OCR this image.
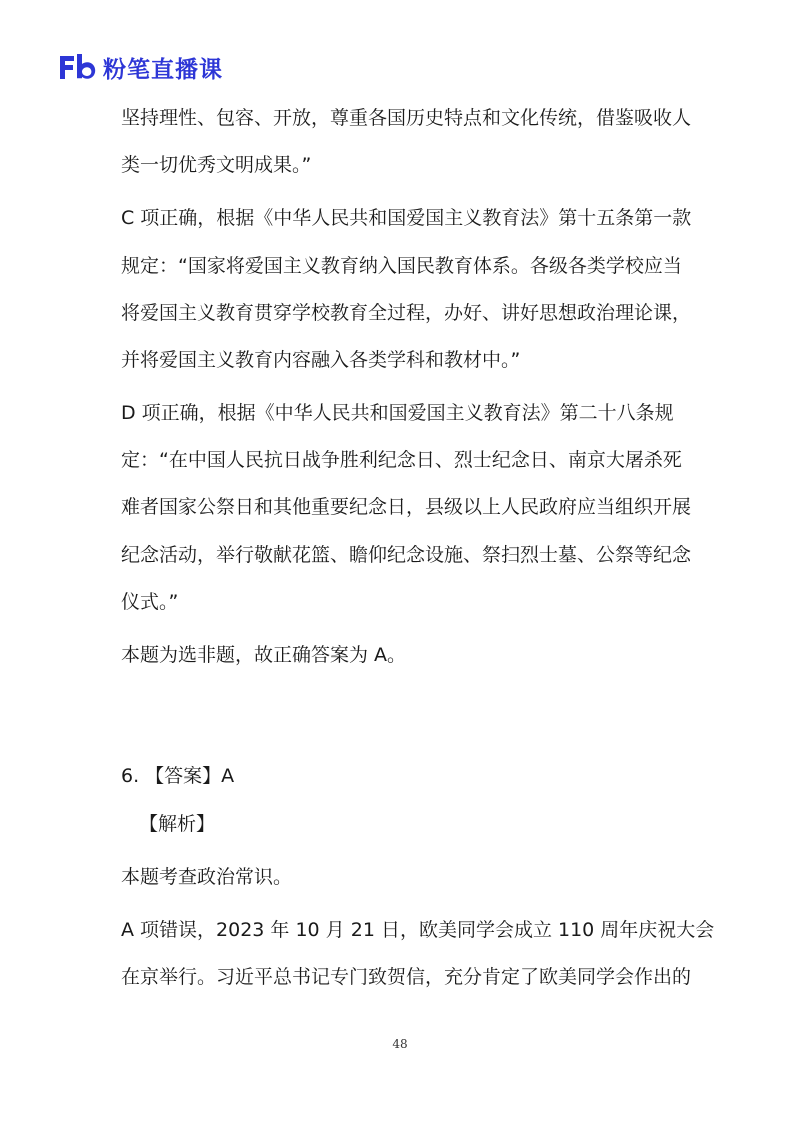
粉笔直播课
坚持理性、包容、开放，尊重各国历史特点和文化传统，借鉴吸收人
类一切优秀文明成果。”
C 项正确，根据《中华人民共和国爱国主义教育法》第十五条第一款
规定：“国家将爱国主义教育纳入国民教育体系。各级各类学校应当
将爱国主义教育贯穿学校教育全过程，办好、讲好思想政治理论课，
并将爱国主义教育内容融入各类学科和教材中。”
D 项正确，根据《中华人民共和国爱国主义教育法》第二十八条规
定：“在中国人民抗日战争胜利纪念日、烈士纪念日、南京大屠杀死
难者国家公祭日和其他重要纪念日，县级以上人民政府应当组织开展
纪念活动，举行敬献花篮、瞻仰纪念设施、祭扫烈士墓、公祭等纪念
仪式。”
本题为选非题，故正确答案为 A。
6. 【答案】A
【解析】
本题考查政治常识。
A 项错误，2023 年 10 月 21 日，欧美同学会成立 110 周年庆祝大会
在京举行。习近平总书记专门致贺信，充分肯定了欧美同学会作出的
48
